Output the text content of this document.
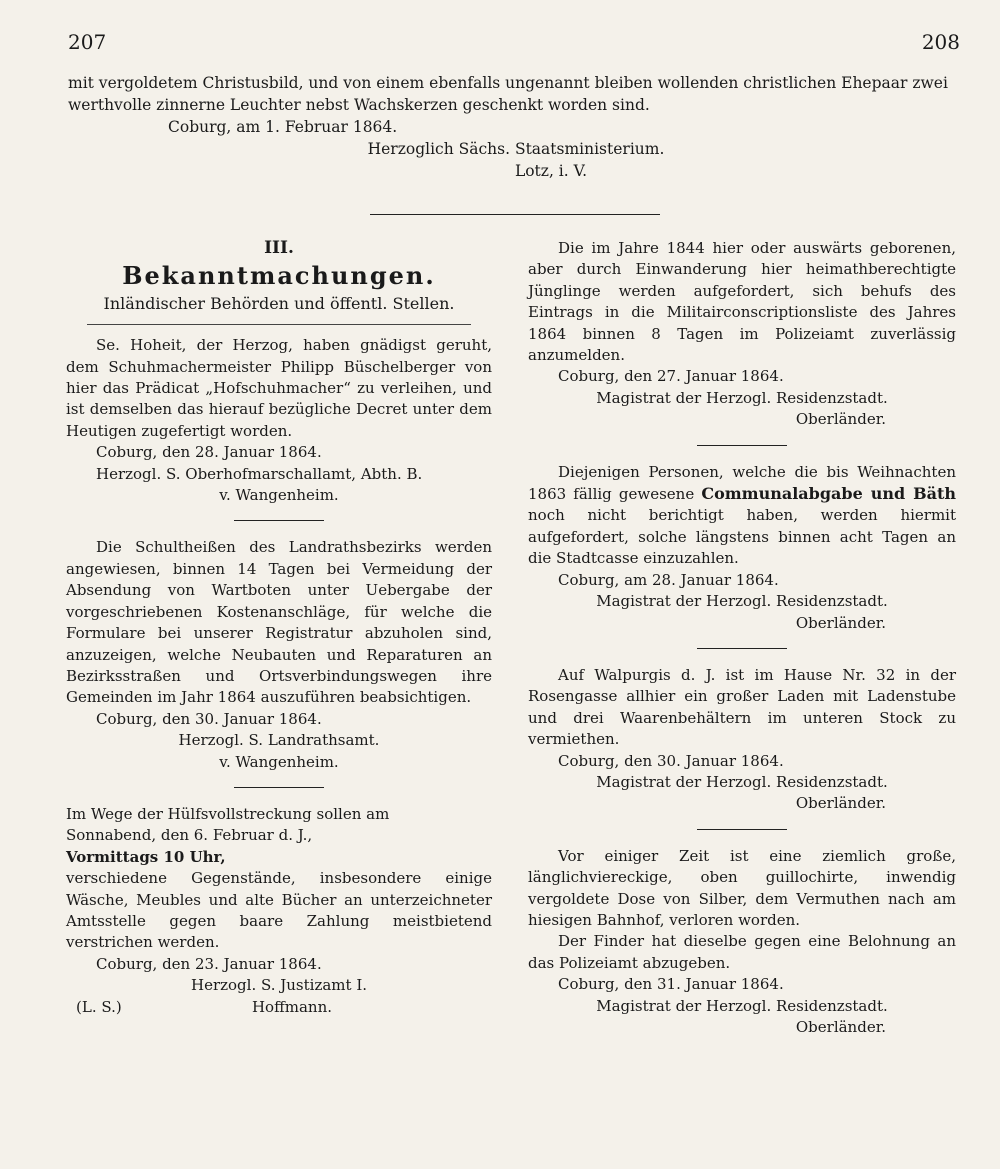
207	208

mit vergoldetem Christusbild, und von einem ebenfalls ungenannt bleiben wollenden christlichen Ehepaar zwei werthvolle zinnerne Leuchter nebst Wachskerzen geschenkt worden sind.

Coburg, am 1. Februar 1864.

Herzoglich Sächs. Staatsministerium.

Lotz, i. V.

III.
Bekanntmachungen.
Inländischer Behörden und öffentl. Stellen.

Se. Hoheit, der Herzog, haben gnädigst geruht, dem Schuhmachermeister Philipp Büschelberger von hier das Prädicat „Hofschuhmacher“ zu verleihen, und ist demselben das hierauf bezügliche Decret unter dem Heutigen zugefertigt worden.

Coburg, den 28. Januar 1864.

Herzogl. S. Oberhofmarschallamt, Abth. B.

v. Wangenheim.

Die Schultheißen des Landrathsbezirks werden angewiesen, binnen 14 Tagen bei Vermeidung der Absendung von Wartboten unter Uebergabe der vorgeschriebenen Kostenanschläge, für welche die Formulare bei unserer Registratur abzuholen sind, anzuzeigen, welche Neubauten und Reparaturen an Bezirksstraßen und Ortsverbindungswegen ihre Gemeinden im Jahr 1864 auszuführen beabsichtigen.

Coburg, den 30. Januar 1864.

Herzogl. S. Landrathsamt.

v. Wangenheim.

Im Wege der Hülfsvollstreckung sollen am

Sonnabend, den 6. Februar d. J.,

Vormittags 10 Uhr,

verschiedene Gegenstände, insbesondere einige Wäsche, Meubles und alte Bücher an unterzeichneter Amtsstelle gegen baare Zahlung meistbietend verstrichen werden.

Coburg, den 23. Januar 1864.

Herzogl. S. Justizamt I.

(L. S.)	Hoffmann.

Die im Jahre 1844 hier oder auswärts geborenen, aber durch Einwanderung hier heimathberechtigte Jünglinge werden aufgefordert, sich behufs des Eintrags in die Militairconscriptionsliste des Jahres 1864 binnen 8 Tagen im Polizeiamt zuverlässig anzumelden.

Coburg, den 27. Januar 1864.

Magistrat der Herzogl. Residenzstadt.

Oberländer.

Diejenigen Personen, welche die bis Weihnachten 1863 fällig gewesene Communalabgabe und Bäth noch nicht berichtigt haben, werden hiermit aufgefordert, solche längstens binnen acht Tagen an die Stadtcasse einzuzahlen.

Coburg, am 28. Januar 1864.

Magistrat der Herzogl. Residenzstadt.

Oberländer.

Auf Walpurgis d. J. ist im Hause Nr. 32 in der Rosengasse allhier ein großer Laden mit Ladenstube und drei Waarenbehältern im unteren Stock zu vermiethen.

Coburg, den 30. Januar 1864.

Magistrat der Herzogl. Residenzstadt.

Oberländer.

Vor einiger Zeit ist eine ziemlich große, länglichviereckige, oben guillochirte, inwendig vergoldete Dose von Silber, dem Vermuthen nach am hiesigen Bahnhof, verloren worden.

Der Finder hat dieselbe gegen eine Belohnung an das Polizeiamt abzugeben.

Coburg, den 31. Januar 1864.

Magistrat der Herzogl. Residenzstadt.

Oberländer.
